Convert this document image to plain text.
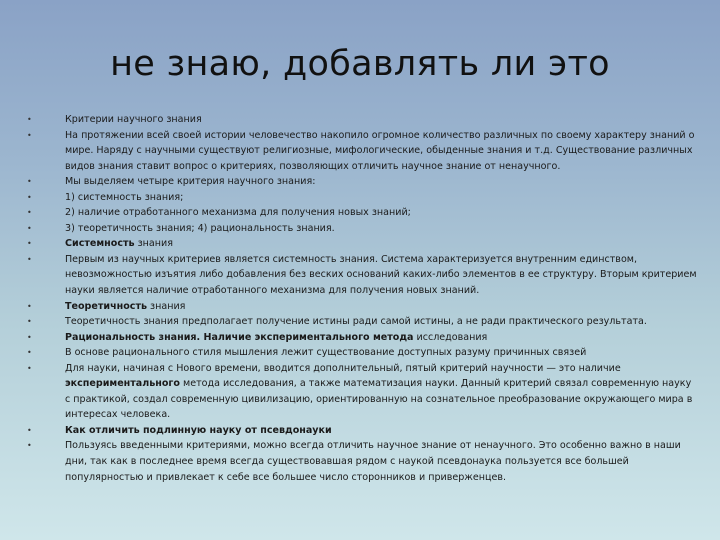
не знаю, добавлять ли это
•	Критерии научного знания
•	На протяжении всей своей истории человечество накопило огромное количество различных по своему характеру знаний о мире. Наряду с научными существуют религиозные, мифологические, обыденные знания и т.д. Существование различных видов знания ставит вопрос о критериях, позволяющих отличить научное знание от ненаучного.
•	Мы выделяем четыре критерия научного знания:
•	1) системность знания;
•	2) наличие отработанного механизма для получения новых знаний;
•	3) теоретичность знания; 4) рациональность знания.
•	Системность знания
•	Первым из научных критериев является системность знания. Система характеризуется внутренним единством, невозможностью изъятия либо добавления без веских оснований каких-либо элементов в ее структуру. Вторым критерием науки является наличие отработанного механизма для получения новых знаний.
•	Теоретичность знания
•	Теоретичность знания предполагает получение истины ради самой истины, а не ради практического результата.
•	Рациональность знания. Наличие экспериментального метода исследования
•	В основе рационального стиля мышления лежит существование доступных разуму причинных связей
•	Для науки, начиная с Нового времени, вводится дополнительный, пятый критерий научности — это наличие экспериментального метода исследования, а также математизация науки. Данный критерий связал современную науку с практикой, создал современную цивилизацию, ориентированную на сознательное преобразование окружающего мира в интересах человека.
•	Как отличить подлинную науку от псевдонауки
•	Пользуясь введенными критериями, можно всегда отличить научное знание от ненаучного. Это особенно важно в наши дни, так как в последнее время всегда существовавшая рядом с наукой псевдонаука пользуется все большей популярностью и привлекает к себе все большее число сторонников и приверженцев.
